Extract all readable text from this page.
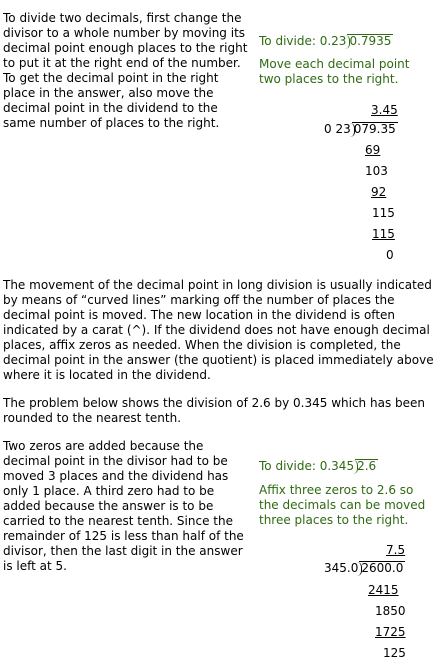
To divide two decimals, first change the divisor to a whole number by moving its decimal point enough places to the right to put it at the right end of the number. To get the decimal point in the right place in the answer, also move the decimal point in the dividend to the same number of places to the right.

To divide: 0.23 0.7935

Move each decimal point two places to the right.

3.45
0 23 079.35
69
103
92
115
115
0

The movement of the decimal point in long division is usually indicated by means of “curved lines” marking off the number of places the decimal point is moved. The new location in the dividend is often indicated by a carat (^). If the dividend does not have enough decimal places, affix zeros as needed. When the division is completed, the decimal point in the answer (the quotient) is placed immediately above where it is located in the dividend.

The problem below shows the division of 2.6 by 0.345 which has been rounded to the nearest tenth.

Two zeros are added because the decimal point in the divisor had to be moved 3 places and the dividend has only 1 place. A third zero had to be added because the answer is to be carried to the nearest tenth. Since the remainder of 125 is less than half of the divisor, then the last digit in the answer is left at 5.

To divide: 0.345 2.6

Affix three zeros to 2.6 so the decimals can be moved three places to the right.

7.5
345.0 2600.0
2415
1850
1725
125
